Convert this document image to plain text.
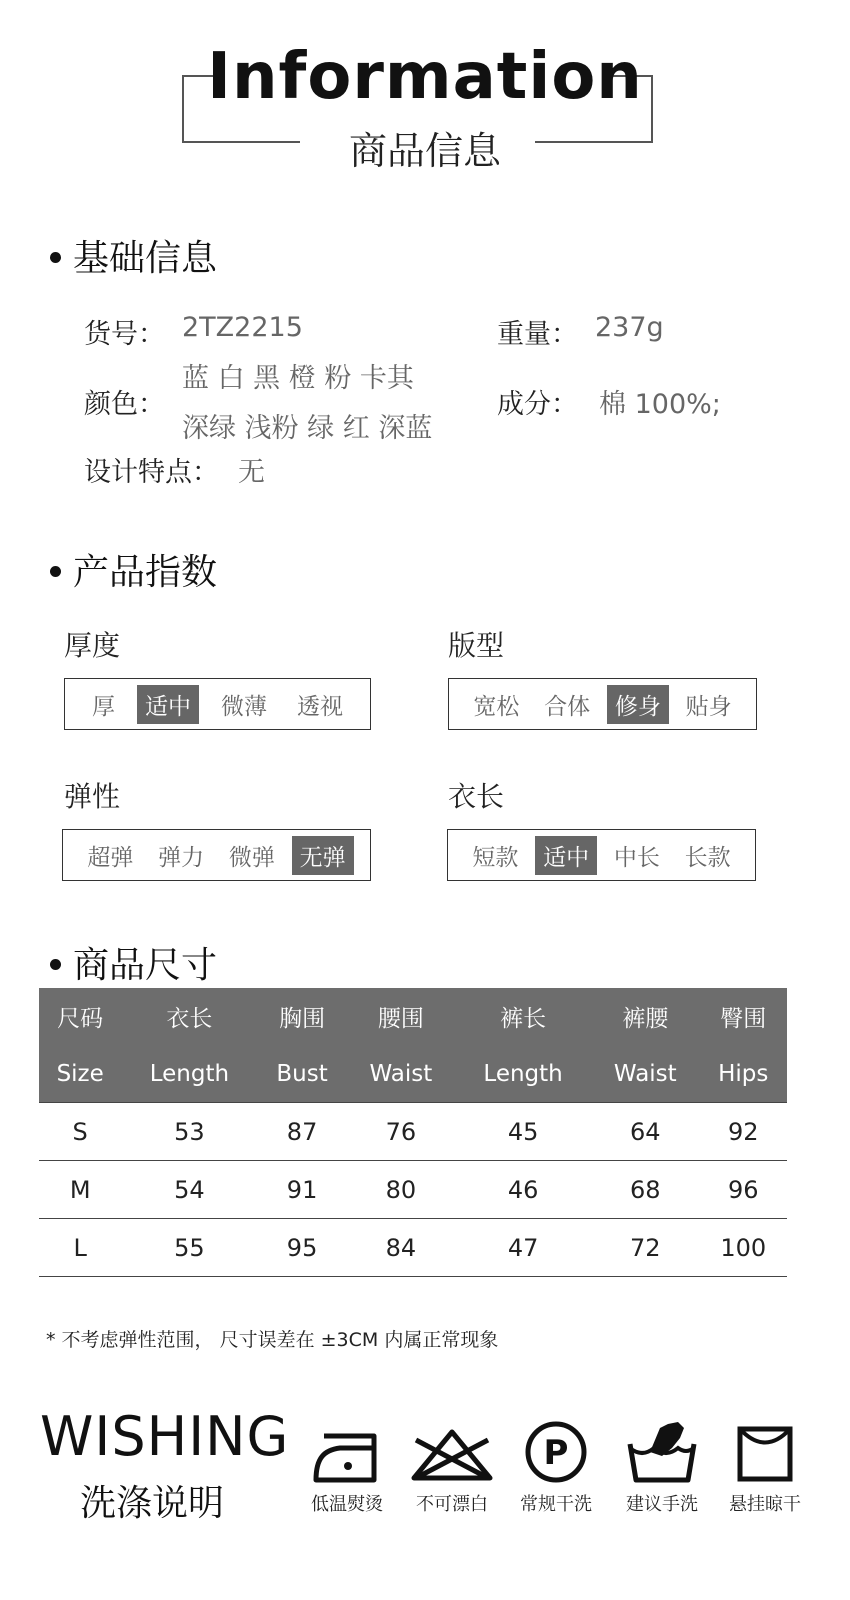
Information
商品信息
基础信息
货号： 2TZ2215	重量： 237g
颜色：
蓝 白 黑 橙 粉 卡其
深绿 浅粉 绿 红 深蓝
成分： 棉 100%;
设计特点： 无
产品指数
厚度
厚	适中	微薄	透视
版型
宽松	合体	修身	贴身
弹性
超弹	弹力	微弹	无弹
衣长
短款	适中	中长	长款
商品尺寸
尺码	衣长	胸围	腰围	裤长	裤腰	臀围
Size	Length	Bust	Waist	Length	Waist	Hips
S	53	87	76	45	64	92
M	54	91	80	46	68	96
L	55	95	84	47	72	100
* 不考虑弹性范围， 尺寸误差在 ±3CM 内属正常现象
WISHING
洗涤说明	低温熨烫	不可漂白
P
常规干洗	建议手洗	悬挂晾干
